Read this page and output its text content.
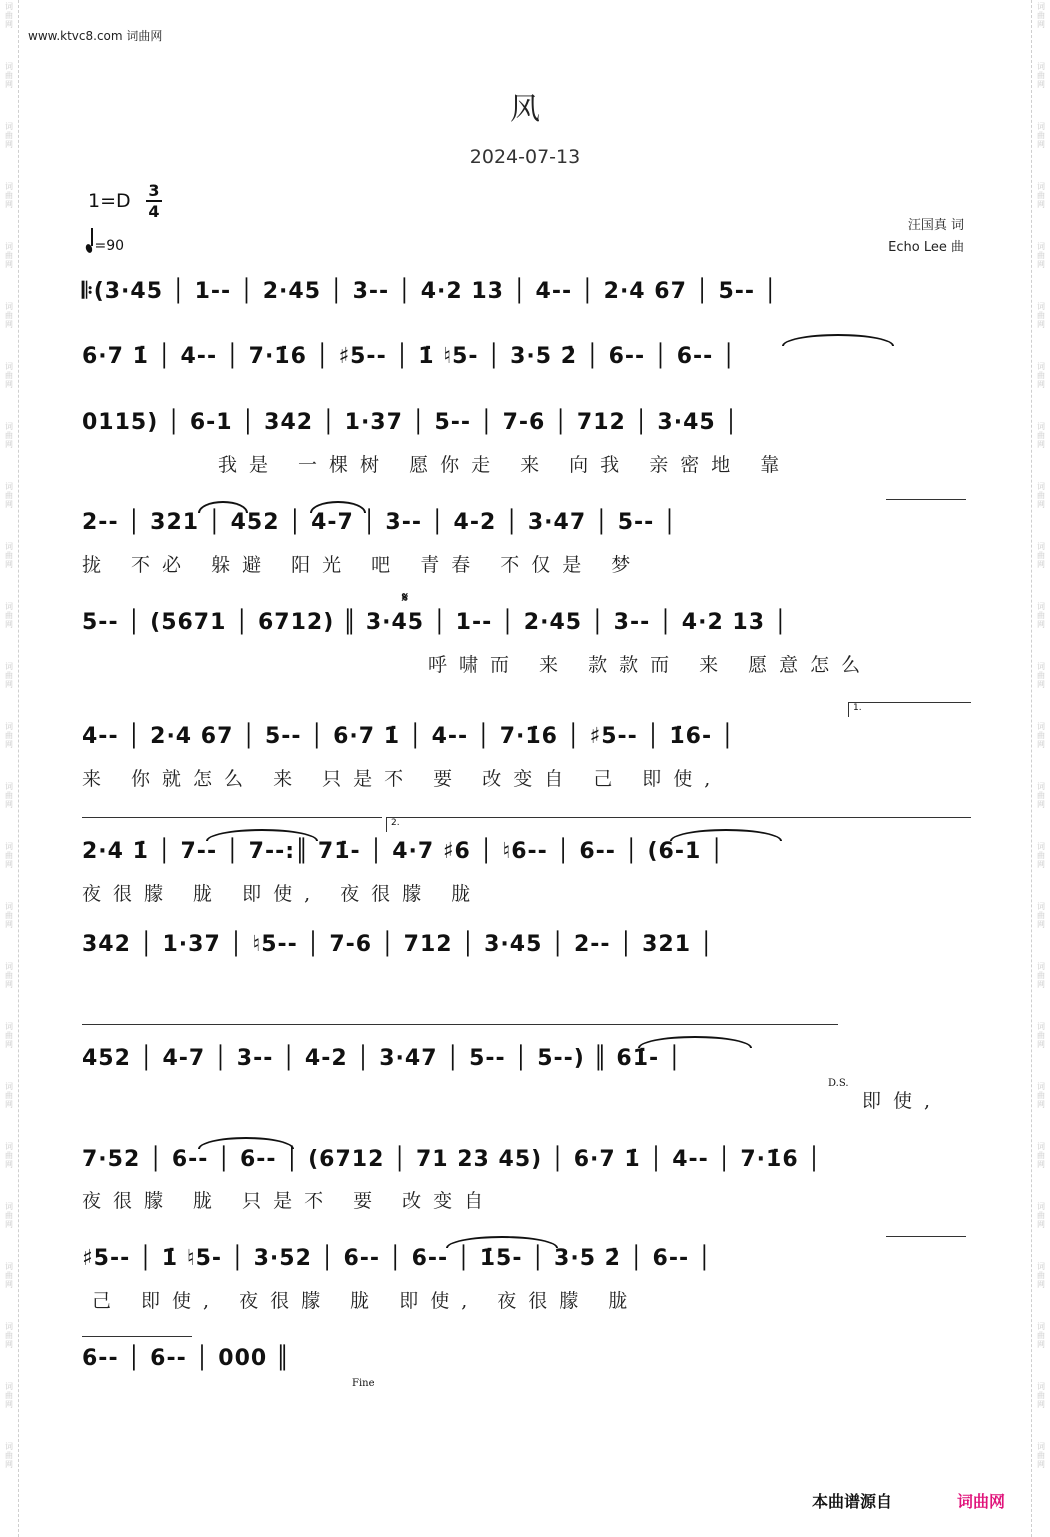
词
曲
网
词
曲
网
词
曲
网
词
曲
网
词
曲
网
词
曲
网
词
曲
网
词
曲
网
词
曲
网
词
曲
网
词
曲
网
词
曲
网
词
曲
网
词
曲
网
词
曲
网
词
曲
网
词
曲
网
词
曲
网
词
曲
网
词
曲
网
词
曲
网
词
曲
网
词
曲
网
词
曲
网
词
曲
网
词
曲
网
词
曲
网
词
曲
网
词
曲
网
词
曲
网
词
曲
网
词
曲
网
词
曲
网
词
曲
网
词
曲
网
词
曲
网
词
曲
网
词
曲
网
词
曲
网
词
曲
网
词
曲
网
词
曲
网
词
曲
网
词
曲
网
词
曲
网
词
曲
网
词
曲
网
词
曲
网
词
曲
网
词
曲
网
www.ktvc8.com 词曲网
风
2024-07-13
1=D 3
4
=90
汪国真 词
Echo Lee 曲
𝄆(3·45 │ 1-- │ 2·45 │ 3-- │ 4·2 13 │ 4-- │ 2·4 67 │ 5-- │
6·7 1̇ │ 4-- │ 7·1̇6 │ ♯5-- │ 1̇ ♮5- │ 3·5 2̇ │ 6-- │ 6-- │
0115) │ 6-1 │ 342 │ 1·37 │ 5-- │ 7-6 │ 712 │ 3·45 │
我是 一棵树 愿你走 来 向我 亲密地 靠
2-- │ 321 │ 452 │ 4-7 │ 3-- │ 4-2 │ 3·47 │ 5-- │
拢 不必 躲避 阳光 吧 青春 不仅是 梦
5-- │ (5671 │ 6712) ║ 3·45 │ 1-- │ 2·45 │ 3-- │ 4·2 13 │
𝄋
呼啸而 来 款款而 来 愿意怎么
4-- │ 2·4 67 │ 5-- │ 6·7 1̇ │ 4-- │ 7·1̇6 │ ♯5-- │ 1̇6- │
1.
来 你就怎么 来 只是不 要 改变自 己 即使,
2·4 1̇ │ 7-- │ 7--:║ 71̇- │ 4·7 ♯6 │ ♮6-- │ 6-- │ (6-1 │
2.
夜很朦 胧 即使, 夜很朦 胧
342 │ 1·37 │ ♮5-- │ 7-6 │ 712 │ 3·45 │ 2-- │ 321 │
452 │ 4-7 │ 3-- │ 4-2 │ 3·47 │ 5-- │ 5--) ║ 61̇- │
D.S.
即使,
7·52 │ 6-- │ 6-- │ (6712 │ 71 23 45) │ 6·7 1̇ │ 4-- │ 7·1̇6 │
夜很朦 胧 只是不 要 改变自
♯5-- │ 1̇ ♮5- │ 3·52 │ 6-- │ 6-- │ 1̇5- │ 3·5 2̇ │ 6-- │
己 即使, 夜很朦 胧 即使, 夜很朦 胧
6-- │ 6-- │ 000 ║
Fine
本曲谱源自	词曲网
